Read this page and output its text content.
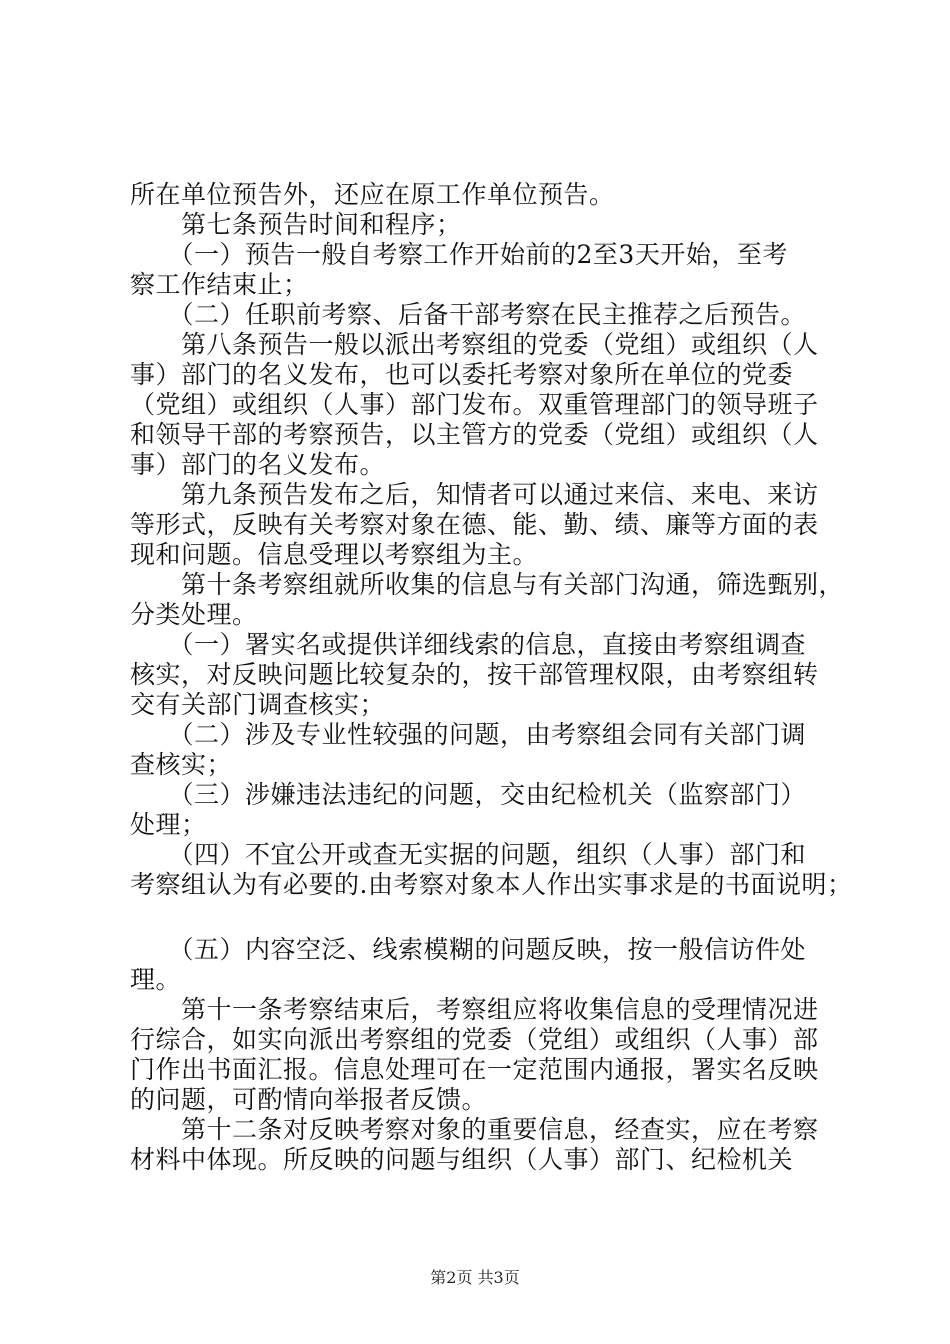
所在单位预告外，还应在原工作单位预告。
　　第七条预告时间和程序；
　　（一）预告一般自考察工作开始前的2至3天开始，至考
察工作结束止；
　　（二）任职前考察、后备干部考察在民主推荐之后预告。
　　第八条预告一般以派出考察组的党委（党组）或组织（人
事）部门的名义发布，也可以委托考察对象所在单位的党委
（党组）或组织（人事）部门发布。双重管理部门的领导班子
和领导干部的考察预告，以主管方的党委（党组）或组织（人
事）部门的名义发布。
　　第九条预告发布之后，知情者可以通过来信、来电、来访
等形式，反映有关考察对象在德、能、勤、绩、廉等方面的表
现和问题。信息受理以考察组为主。
　　第十条考察组就所收集的信息与有关部门沟通，筛选甄别，
分类处理。
　　（一）署实名或提供详细线索的信息，直接由考察组调查
核实，对反映问题比较复杂的，按干部管理权限，由考察组转
交有关部门调查核实；
　　（二）涉及专业性较强的问题，由考察组会同有关部门调
查核实；
　　（三）涉嫌违法违纪的问题，交由纪检机关（监察部门）
处理；
　　（四）不宜公开或查无实据的问题，组织（人事）部门和
考察组认为有必要的.由考察对象本人作出实事求是的书面说明；
　　（五）内容空泛、线索模糊的问题反映，按一般信访件处
理。
　　第十一条考察结束后，考察组应将收集信息的受理情况进
行综合，如实向派出考察组的党委（党组）或组织（人事）部
门作出书面汇报。信息处理可在一定范围内通报，署实名反映
的问题，可酌情向举报者反馈。
　　第十二条对反映考察对象的重要信息，经查实，应在考察
材料中体现。所反映的问题与组织（人事）部门、纪检机关
第2页 共3页
